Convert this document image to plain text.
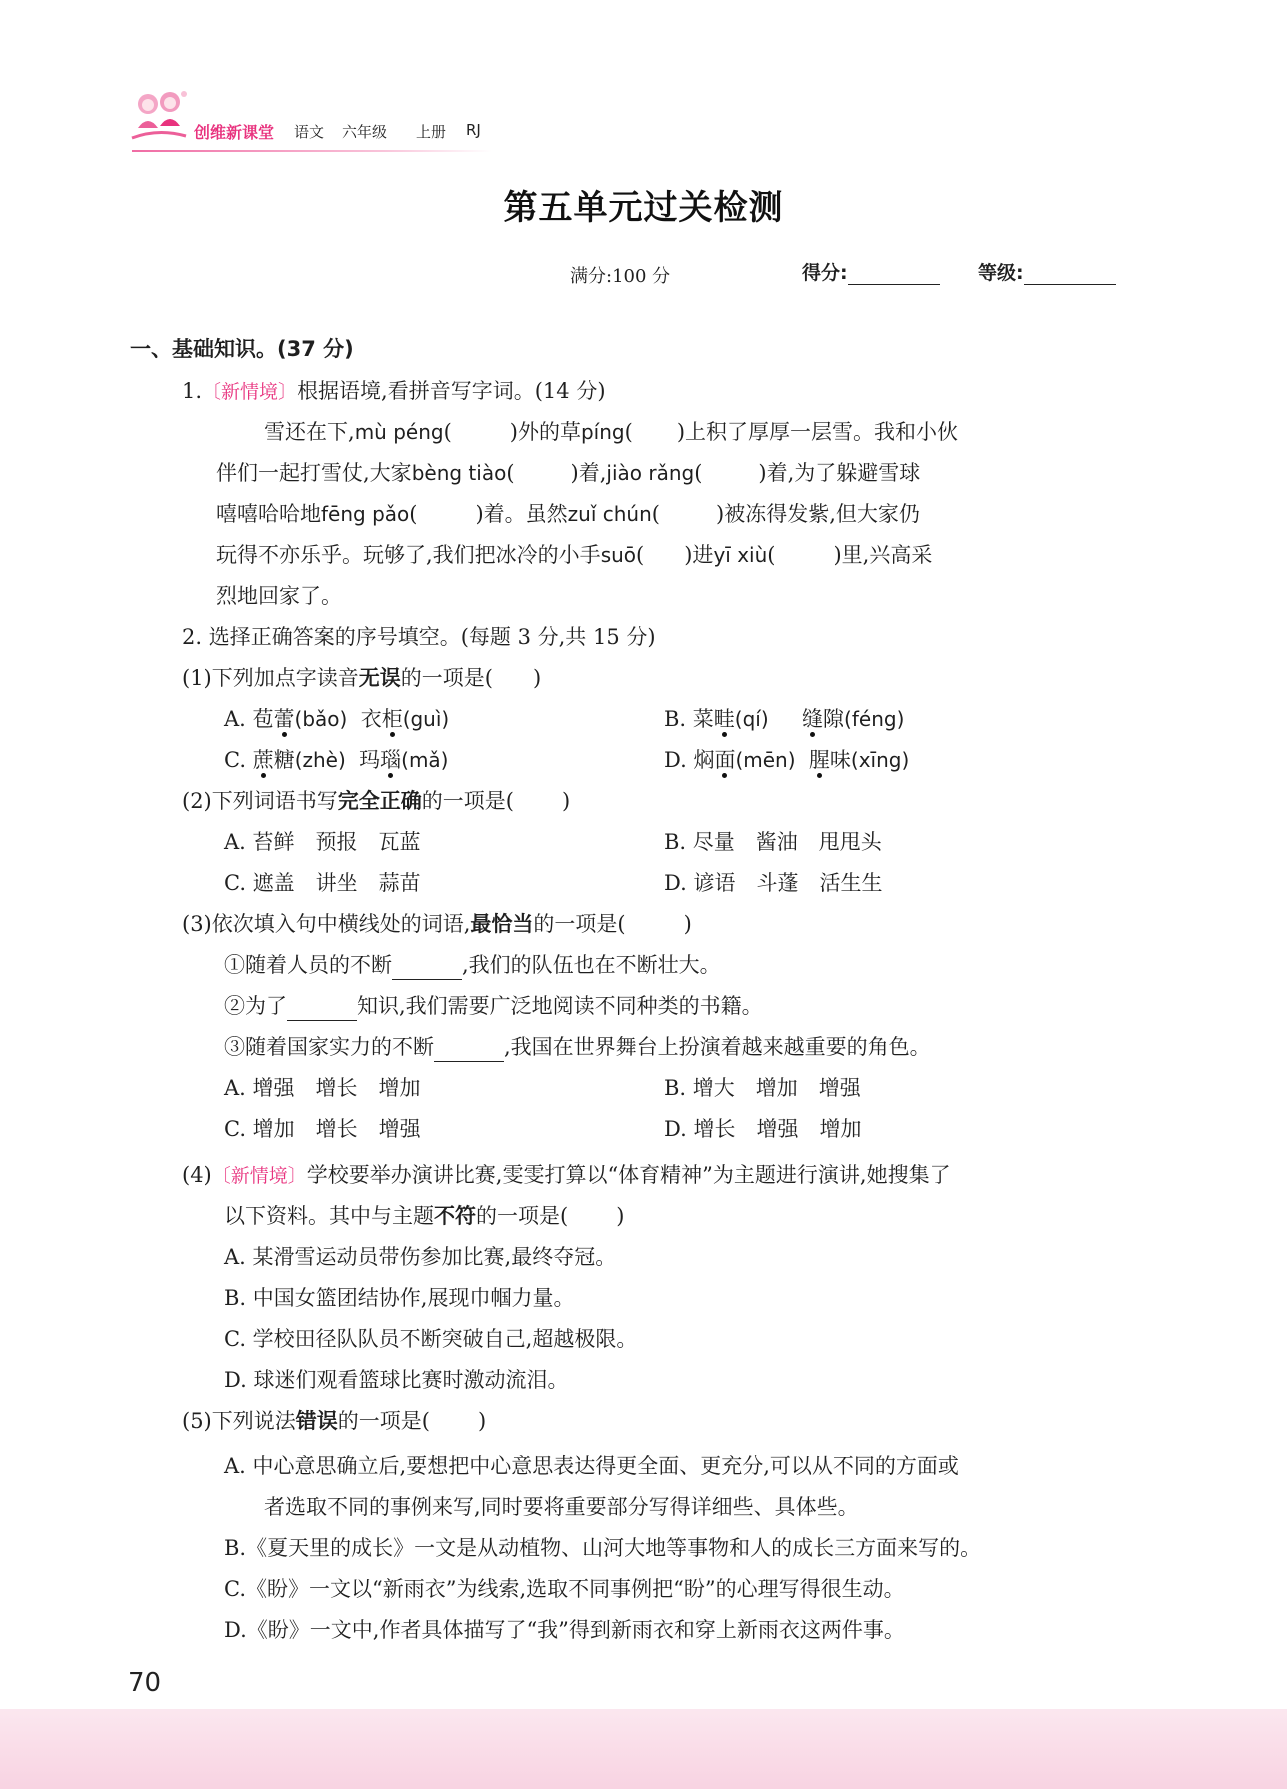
创维新课堂 语文 六年级 上册 RJ
第五单元过关检测
满分:100 分	得分:	等级:
一、基础知识。(37 分)
1.〔新情境〕根据语境,看拼音写字词。(14 分)
雪还在下,mù péng(	)外的草píng( )上积了厚厚一层雪。我和小伙
伴们一起打雪仗,大家bèng tiào(	)着,jiào rǎng(	)着,为了躲避雪球
嘻嘻哈哈地fēng pǎo(	)着。虽然zuǐ chún(	)被冻得发紫,但大家仍
玩得不亦乐乎。玩够了,我们把冰冷的小手suō( )进yī xiù(	)里,兴高采
烈地回家了。
2. 选择正确答案的序号填空。(每题 3 分,共 15 分)
(1)下列加点字读音无误的一项是( )
A. 苞蕾(bǎo) 衣柜(guì)	B. 菜畦(qí) 缝隙(féng)
C. 蔗糖(zhè) 玛瑙(mǎ)	D. 焖面(mēn) 腥味(xīng)
(2)下列词语书写完全正确的一项是( )
A. 苔鲜　预报　瓦蓝	B. 尽量　酱油　甩甩头
C. 遮盖　讲坐　蒜苗	D. 谚语　斗蓬　活生生
(3)依次填入句中横线处的词语,最恰当的一项是(	)
①随着人员的不断	,我们的队伍也在不断壮大。
②为了	知识,我们需要广泛地阅读不同种类的书籍。
③随着国家实力的不断	,我国在世界舞台上扮演着越来越重要的角色。
A. 增强　增长　增加	B. 增大　增加　增强
C. 增加　增长　增强	D. 增长　增强　增加
(4)〔新情境〕学校要举办演讲比赛,雯雯打算以“体育精神”为主题进行演讲,她搜集了
以下资料。其中与主题不符的一项是( )
A. 某滑雪运动员带伤参加比赛,最终夺冠。
B. 中国女篮团结协作,展现巾帼力量。
C. 学校田径队队员不断突破自己,超越极限。
D. 球迷们观看篮球比赛时激动流泪。
(5)下列说法错误的一项是( )
A. 中心意思确立后,要想把中心意思表达得更全面、更充分,可以从不同的方面或
者选取不同的事例来写,同时要将重要部分写得详细些、具体些。
B.《夏天里的成长》一文是从动植物、山河大地等事物和人的成长三方面来写的。
C.《盼》一文以“新雨衣”为线索,选取不同事例把“盼”的心理写得很生动。
D.《盼》一文中,作者具体描写了“我”得到新雨衣和穿上新雨衣这两件事。
70
